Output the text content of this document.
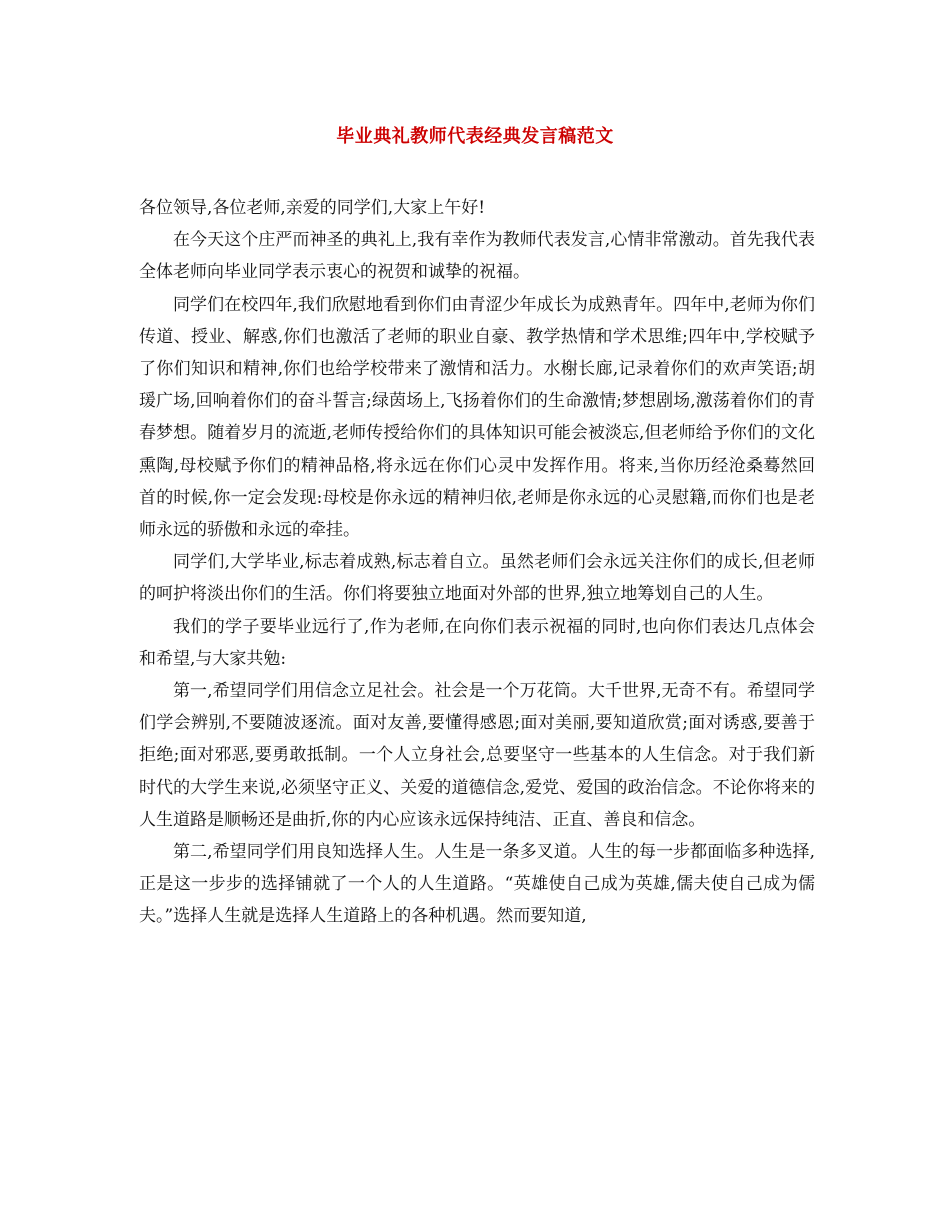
毕业典礼教师代表经典发言稿范文

各位领导,各位老师,亲爱的同学们,大家上午好!

在今天这个庄严而神圣的典礼上,我有幸作为教师代表发言,心情非常激动。首先我代表全体老师向毕业同学表示衷心的祝贺和诚挚的祝福。

同学们在校四年,我们欣慰地看到你们由青涩少年成长为成熟青年。四年中,老师为你们传道、授业、解惑,你们也激活了老师的职业自豪、教学热情和学术思维;四年中,学校赋予了你们知识和精神,你们也给学校带来了激情和活力。水榭长廊,记录着你们的欢声笑语;胡瑗广场,回响着你们的奋斗誓言;绿茵场上,飞扬着你们的生命激情;梦想剧场,激荡着你们的青春梦想。随着岁月的流逝,老师传授给你们的具体知识可能会被淡忘,但老师给予你们的文化熏陶,母校赋予你们的精神品格,将永远在你们心灵中发挥作用。将来,当你历经沧桑蓦然回首的时候,你一定会发现:母校是你永远的精神归依,老师是你永远的心灵慰籍,而你们也是老师永远的骄傲和永远的牵挂。

同学们,大学毕业,标志着成熟,标志着自立。虽然老师们会永远关注你们的成长,但老师的呵护将淡出你们的生活。你们将要独立地面对外部的世界,独立地筹划自己的人生。

我们的学子要毕业远行了,作为老师,在向你们表示祝福的同时,也向你们表达几点体会和希望,与大家共勉:

第一,希望同学们用信念立足社会。社会是一个万花筒。大千世界,无奇不有。希望同学们学会辨别,不要随波逐流。面对友善,要懂得感恩;面对美丽,要知道欣赏;面对诱惑,要善于拒绝;面对邪恶,要勇敢抵制。一个人立身社会,总要坚守一些基本的人生信念。对于我们新时代的大学生来说,必须坚守正义、关爱的道德信念,爱党、爱国的政治信念。不论你将来的人生道路是顺畅还是曲折,你的内心应该永远保持纯洁、正直、善良和信念。

第二,希望同学们用良知选择人生。人生是一条多叉道。人生的每一步都面临多种选择,正是这一步步的选择铺就了一个人的人生道路。“英雄使自己成为英雄,儒夫使自己成为儒夫。”选择人生就是选择人生道路上的各种机遇。然而要知道,
